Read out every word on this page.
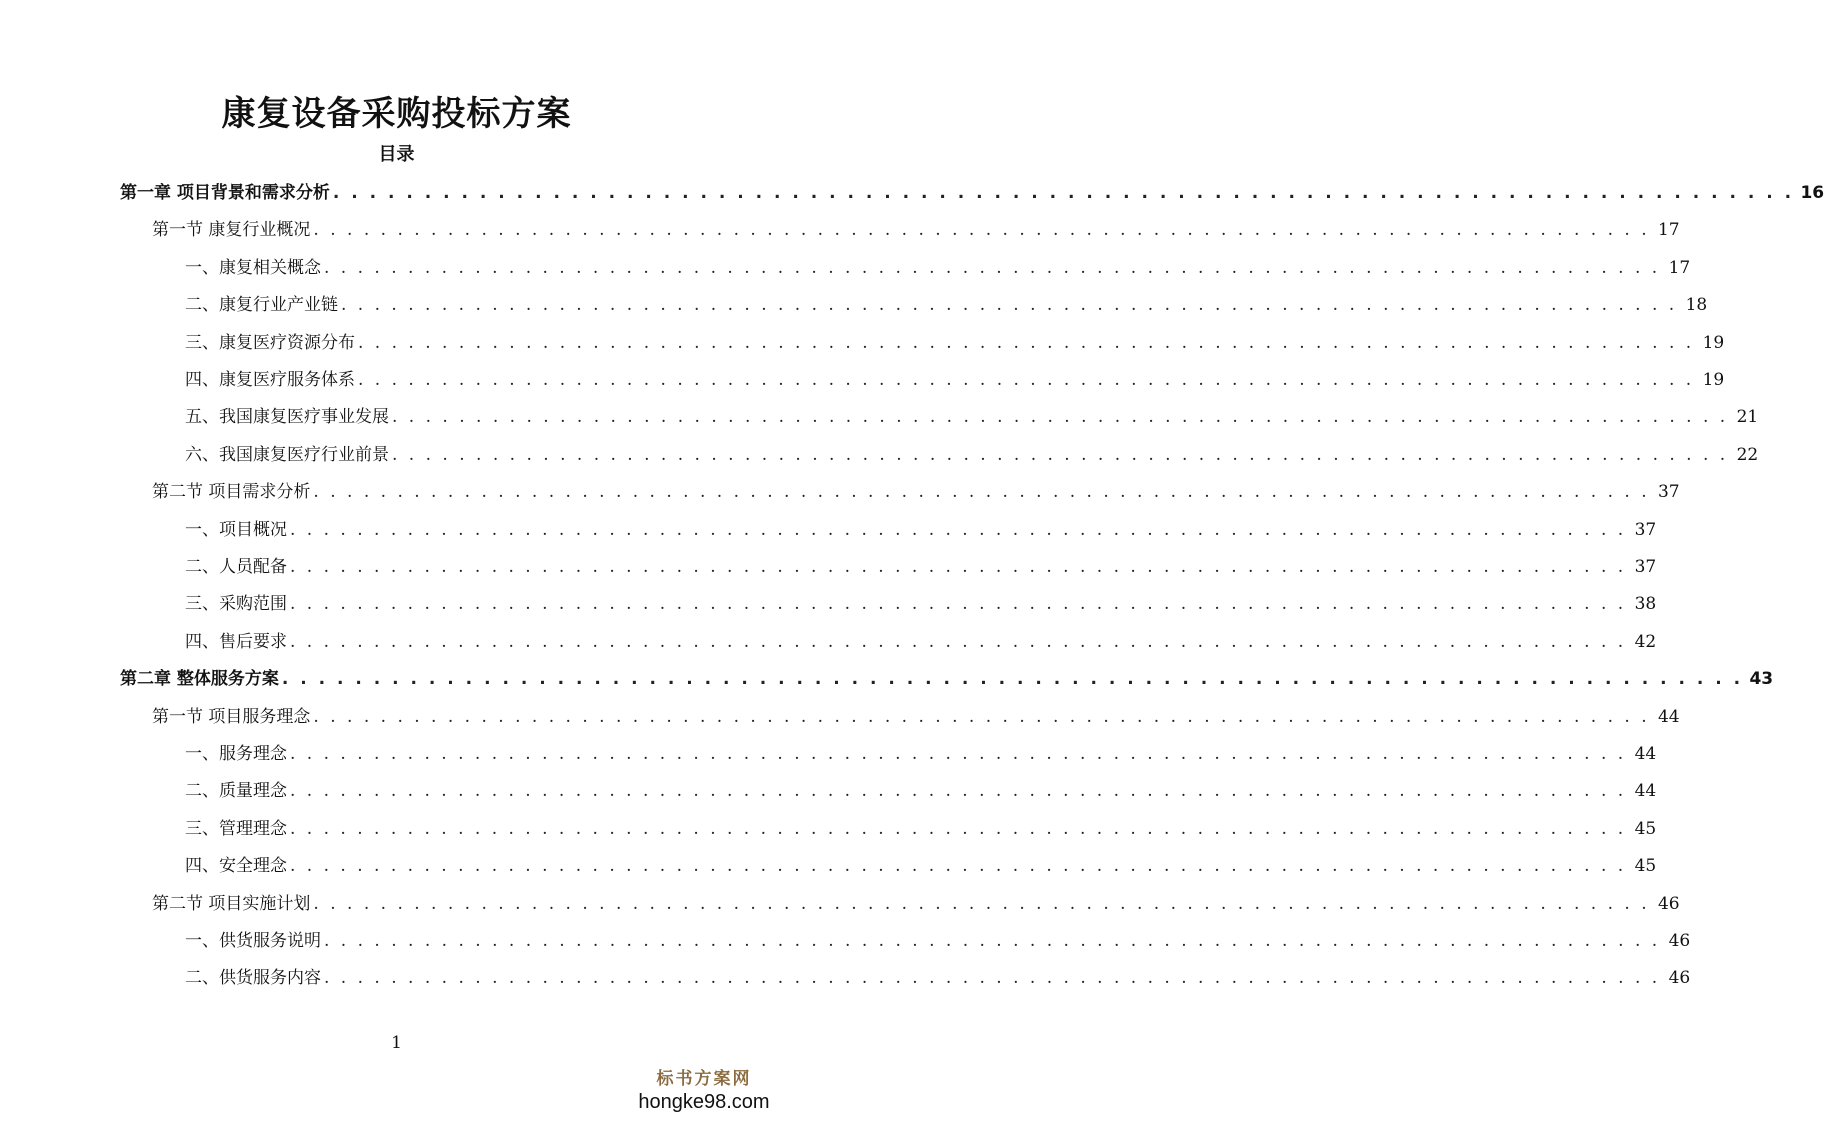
康复设备采购投标方案
目录
第一章 项目背景和需求分析 . . . . . . . . . . . . . . . . . . . . . . . . . . . . . . . . . . . . . . . . . . . . . . . . . . . . . . . . . . . . . . . . . . . . . . . . . . . . . . . . 16
第一节 康复行业概况 . . . . . . . . . . . . . . . . . . . . . . . . . . . . . . . . . . . . . . . . . . . . . . . . . . . . . . . . . . . . . . . . . . . . . . . . . . . . . . . . 17
一、康复相关概念 . . . . . . . . . . . . . . . . . . . . . . . . . . . . . . . . . . . . . . . . . . . . . . . . . . . . . . . . . . . . . . . . . . . . . . . . . . . . . . . . 17
二、康复行业产业链 . . . . . . . . . . . . . . . . . . . . . . . . . . . . . . . . . . . . . . . . . . . . . . . . . . . . . . . . . . . . . . . . . . . . . . . . . . . . . . . . 18
三、康复医疗资源分布 . . . . . . . . . . . . . . . . . . . . . . . . . . . . . . . . . . . . . . . . . . . . . . . . . . . . . . . . . . . . . . . . . . . . . . . . . . . . . . . . 19
四、康复医疗服务体系 . . . . . . . . . . . . . . . . . . . . . . . . . . . . . . . . . . . . . . . . . . . . . . . . . . . . . . . . . . . . . . . . . . . . . . . . . . . . . . . . 19
五、我国康复医疗事业发展 . . . . . . . . . . . . . . . . . . . . . . . . . . . . . . . . . . . . . . . . . . . . . . . . . . . . . . . . . . . . . . . . . . . . . . . . . . . . . . . . 21
六、我国康复医疗行业前景 . . . . . . . . . . . . . . . . . . . . . . . . . . . . . . . . . . . . . . . . . . . . . . . . . . . . . . . . . . . . . . . . . . . . . . . . . . . . . . . . 22
第二节 项目需求分析 . . . . . . . . . . . . . . . . . . . . . . . . . . . . . . . . . . . . . . . . . . . . . . . . . . . . . . . . . . . . . . . . . . . . . . . . . . . . . . . . 37
一、项目概况 . . . . . . . . . . . . . . . . . . . . . . . . . . . . . . . . . . . . . . . . . . . . . . . . . . . . . . . . . . . . . . . . . . . . . . . . . . . . . . . . 37
二、人员配备 . . . . . . . . . . . . . . . . . . . . . . . . . . . . . . . . . . . . . . . . . . . . . . . . . . . . . . . . . . . . . . . . . . . . . . . . . . . . . . . . 37
三、采购范围 . . . . . . . . . . . . . . . . . . . . . . . . . . . . . . . . . . . . . . . . . . . . . . . . . . . . . . . . . . . . . . . . . . . . . . . . . . . . . . . . 38
四、售后要求 . . . . . . . . . . . . . . . . . . . . . . . . . . . . . . . . . . . . . . . . . . . . . . . . . . . . . . . . . . . . . . . . . . . . . . . . . . . . . . . . 42
第二章 整体服务方案 . . . . . . . . . . . . . . . . . . . . . . . . . . . . . . . . . . . . . . . . . . . . . . . . . . . . . . . . . . . . . . . . . . . . . . . . . . . . . . . . 43
第一节 项目服务理念 . . . . . . . . . . . . . . . . . . . . . . . . . . . . . . . . . . . . . . . . . . . . . . . . . . . . . . . . . . . . . . . . . . . . . . . . . . . . . . . . 44
一、服务理念 . . . . . . . . . . . . . . . . . . . . . . . . . . . . . . . . . . . . . . . . . . . . . . . . . . . . . . . . . . . . . . . . . . . . . . . . . . . . . . . . 44
二、质量理念 . . . . . . . . . . . . . . . . . . . . . . . . . . . . . . . . . . . . . . . . . . . . . . . . . . . . . . . . . . . . . . . . . . . . . . . . . . . . . . . . 44
三、管理理念 . . . . . . . . . . . . . . . . . . . . . . . . . . . . . . . . . . . . . . . . . . . . . . . . . . . . . . . . . . . . . . . . . . . . . . . . . . . . . . . . 45
四、安全理念 . . . . . . . . . . . . . . . . . . . . . . . . . . . . . . . . . . . . . . . . . . . . . . . . . . . . . . . . . . . . . . . . . . . . . . . . . . . . . . . . 45
第二节 项目实施计划 . . . . . . . . . . . . . . . . . . . . . . . . . . . . . . . . . . . . . . . . . . . . . . . . . . . . . . . . . . . . . . . . . . . . . . . . . . . . . . . . 46
一、供货服务说明 . . . . . . . . . . . . . . . . . . . . . . . . . . . . . . . . . . . . . . . . . . . . . . . . . . . . . . . . . . . . . . . . . . . . . . . . . . . . . . . . 46
二、供货服务内容 . . . . . . . . . . . . . . . . . . . . . . . . . . . . . . . . . . . . . . . . . . . . . . . . . . . . . . . . . . . . . . . . . . . . . . . . . . . . . . . . 46
1
标书方案网
hongke98.com
